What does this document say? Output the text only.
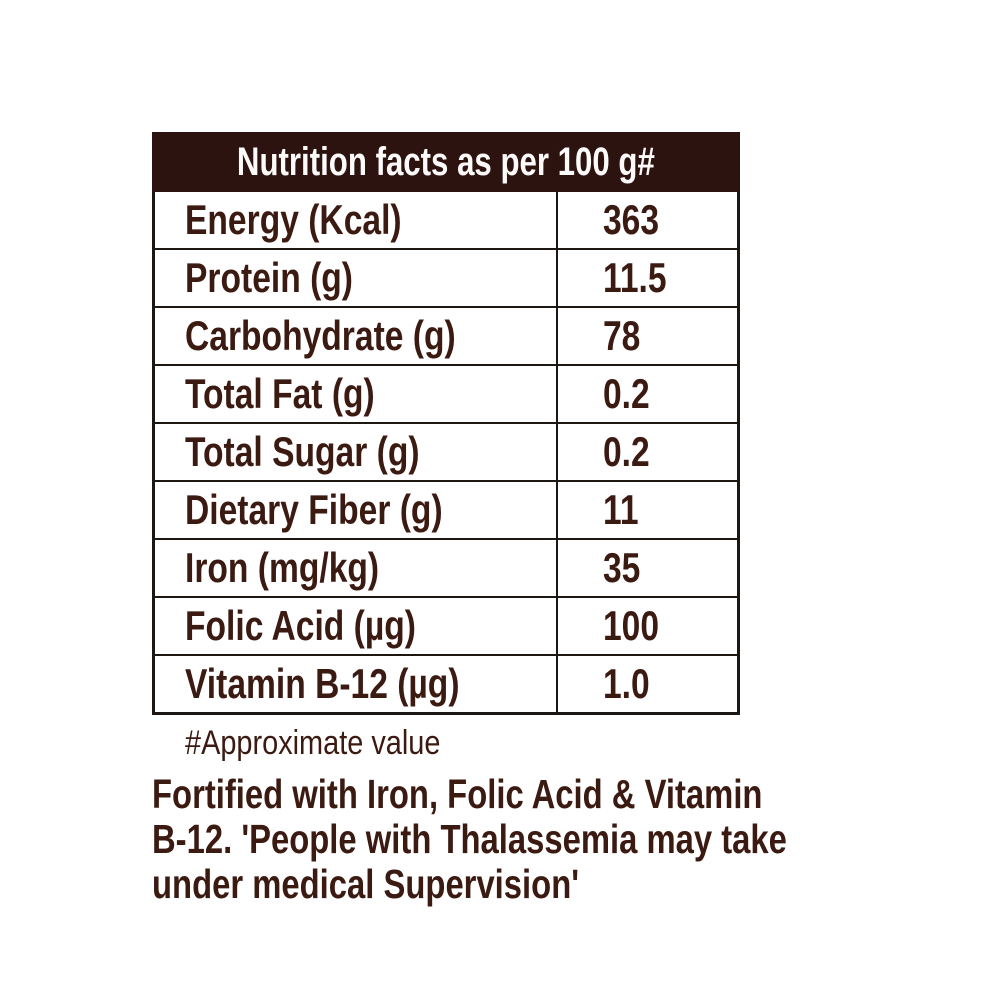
Nutrition facts as per 100 g#
Energy (Kcal)	363
Protein (g)	11.5
Carbohydrate (g)	78
Total Fat (g)	0.2
Total Sugar (g)	0.2
Dietary Fiber (g)	11
Iron (mg/kg)	35
Folic Acid (µg)	100
Vitamin B-12 (µg)	1.0
#Approximate value
Fortified with Iron, Folic Acid & Vitamin
B-12. 'People with Thalassemia may take
under medical Supervision'
